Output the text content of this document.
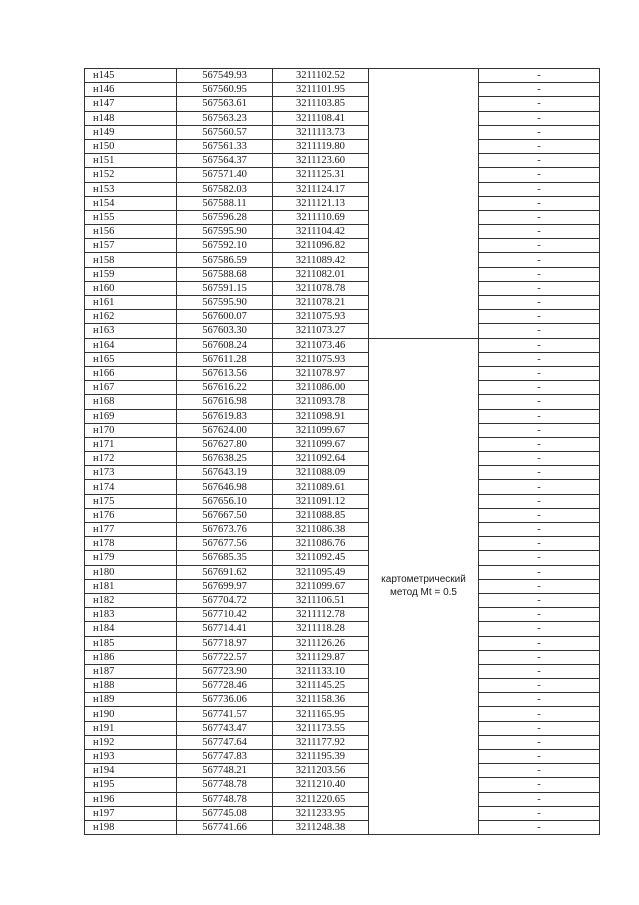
н145	567549.93	3211102.52		-
н146	567560.95	3211101.95		-
н147	567563.61	3211103.85		-
н148	567563.23	3211108.41		-
н149	567560.57	3211113.73		-
н150	567561.33	3211119.80		-
н151	567564.37	3211123.60		-
н152	567571.40	3211125.31		-
н153	567582.03	3211124.17		-
н154	567588.11	3211121.13		-
н155	567596.28	3211110.69		-
н156	567595.90	3211104.42		-
н157	567592.10	3211096.82		-
н158	567586.59	3211089.42		-
н159	567588.68	3211082.01		-
н160	567591.15	3211078.78		-
н161	567595.90	3211078.21		-
н162	567600.07	3211075.93		-
н163	567603.30	3211073.27		-
н164	567608.24	3211073.46	картометрический метод Mt = 0.5	-
н165	567611.28	3211075.93		-
н166	567613.56	3211078.97		-
н167	567616.22	3211086.00		-
н168	567616.98	3211093.78		-
н169	567619.83	3211098.91		-
н170	567624.00	3211099.67		-
н171	567627.80	3211099.67		-
н172	567638.25	3211092.64		-
н173	567643.19	3211088.09		-
н174	567646.98	3211089.61		-
н175	567656.10	3211091.12		-
н176	567667.50	3211088.85		-
н177	567673.76	3211086.38		-
н178	567677.56	3211086.76		-
н179	567685.35	3211092.45		-
н180	567691.62	3211095.49		-
н181	567699.97	3211099.67		-
н182	567704.72	3211106.51		-
н183	567710.42	3211112.78		-
н184	567714.41	3211118.28		-
н185	567718.97	3211126.26		-
н186	567722.57	3211129.87		-
н187	567723.90	3211133.10		-
н188	567728.46	3211145.25		-
н189	567736.06	3211158.36		-
н190	567741.57	3211165.95		-
н191	567743.47	3211173.55		-
н192	567747.64	3211177.92		-
н193	567747.83	3211195.39		-
н194	567748.21	3211203.56		-
н195	567748.78	3211210.40		-
н196	567748.78	3211220.65		-
н197	567745.08	3211233.95		-
н198	567741.66	3211248.38		-
